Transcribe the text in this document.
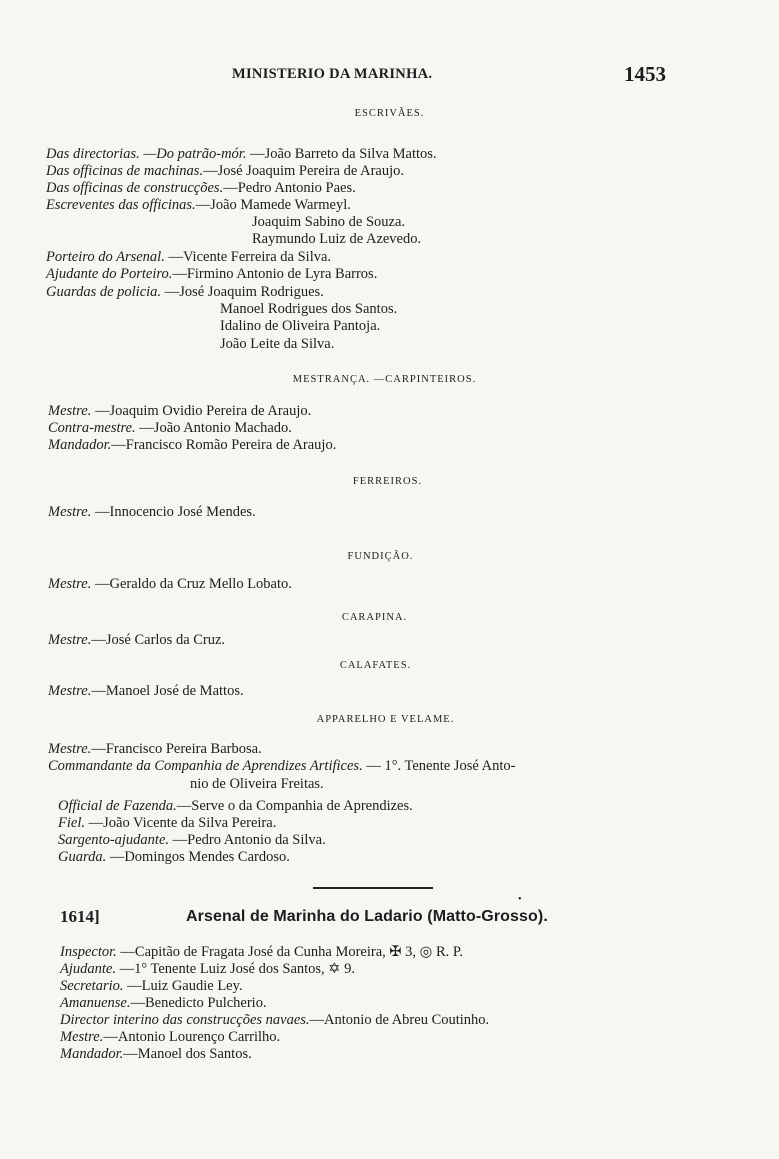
MINISTERIO DA MARINHA.	1453
ESCRIVÃES.
Das directorias. —Do patrão-mór. —João Barreto da Silva Mattos.
Das officinas de machinas.—José Joaquim Pereira de Araujo.
Das officinas de construcções.—Pedro Antonio Paes.
Escreventes das officinas.—João Mamede Warmeyl.
Joaquim Sabino de Souza.
Raymundo Luiz de Azevedo.
Porteiro do Arsenal. —Vicente Ferreira da Silva.
Ajudante do Porteiro.—Firmino Antonio de Lyra Barros.
Guardas de policia. —José Joaquim Rodrigues.
Manoel Rodrigues dos Santos.
Idalino de Oliveira Pantoja.
João Leite da Silva.
MESTRANÇA. —CARPINTEIROS.
Mestre. —Joaquim Ovidio Pereira de Araujo.
Contra-mestre. —João Antonio Machado.
Mandador.—Francisco Romão Pereira de Araujo.
FERREIROS.
Mestre. —Innocencio José Mendes.
FUNDIÇÃO.
Mestre. —Geraldo da Cruz Mello Lobato.
CARAPINA.
Mestre.—José Carlos da Cruz.
CALAFATES.
Mestre.—Manoel José de Mattos.
APPARELHO E VELAME.
Mestre.—Francisco Pereira Barbosa.
Commandante da Companhia de Aprendizes Artifices. — 1°. Tenente José Anto-
nio de Oliveira Freitas.
Official de Fazenda.—Serve o da Companhia de Aprendizes.
Fiel. —João Vicente da Silva Pereira.
Sargento-ajudante. —Pedro Antonio da Silva.
Guarda. —Domingos Mendes Cardoso.
•
1614]	Arsenal de Marinha do Ladario (Matto-Grosso).
Inspector. —Capitão de Fragata José da Cunha Moreira, ✠ 3, ◎ R. P.
Ajudante. —1° Tenente Luiz José dos Santos, ✡ 9.
Secretario. —Luiz Gaudie Ley.
Amanuense.—Benedicto Pulcherio.
Director interino das construcções navaes.—Antonio de Abreu Coutinho.
Mestre.—Antonio Lourenço Carrilho.
Mandador.—Manoel dos Santos.
